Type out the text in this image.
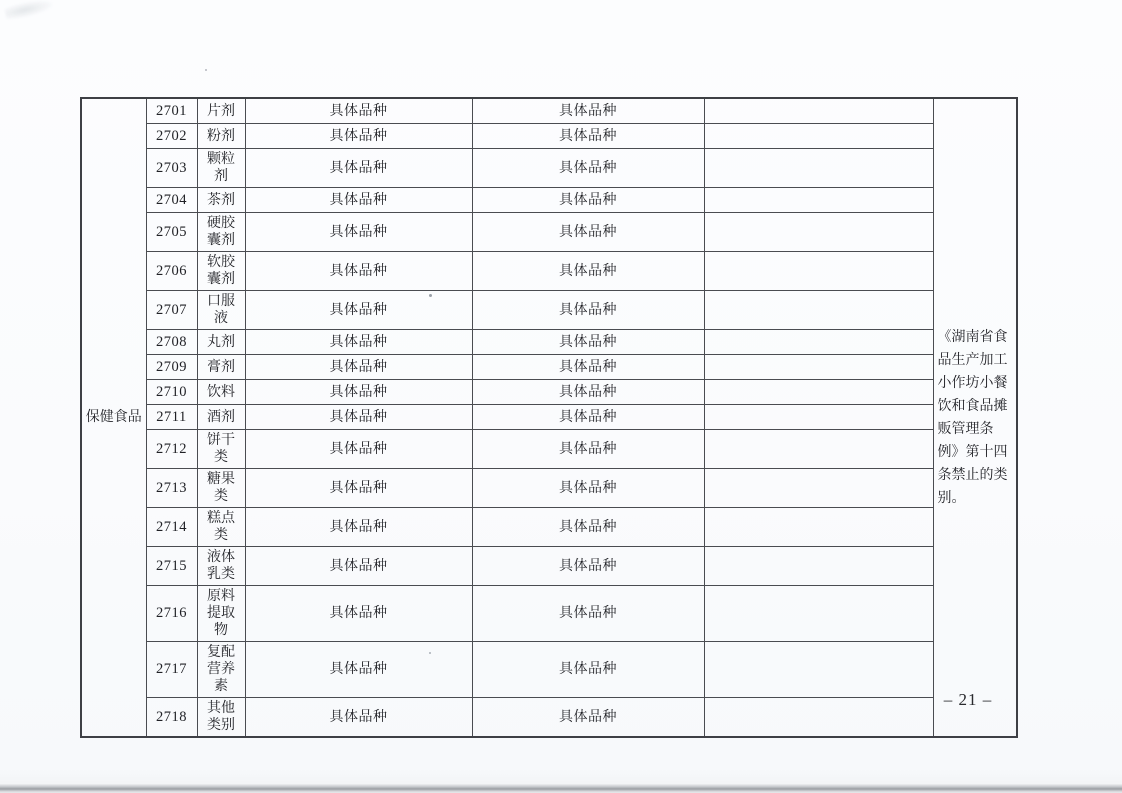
保健食品	2701	片剂	具体品种	具体品种		《湖南省食品生产加工小作坊小餐饮和食品摊贩管理条例》第十四条禁止的类别。
	2702	粉剂	具体品种	具体品种		
	2703	颗粒剂	具体品种	具体品种		
	2704	茶剂	具体品种	具体品种		
	2705	硬胶囊剂	具体品种	具体品种		
	2706	软胶囊剂	具体品种	具体品种		
	2707	口服液	具体品种	具体品种		
	2708	丸剂	具体品种	具体品种		
	2709	膏剂	具体品种	具体品种		
	2710	饮料	具体品种	具体品种		
	2711	酒剂	具体品种	具体品种		
	2712	饼干类	具体品种	具体品种		
	2713	糖果类	具体品种	具体品种		
	2714	糕点类	具体品种	具体品种		
	2715	液体乳类	具体品种	具体品种		
	2716	原料提取物	具体品种	具体品种		
	2717	复配营养素	具体品种	具体品种		
	2718	其他类别	具体品种	具体品种		
– 21 –
